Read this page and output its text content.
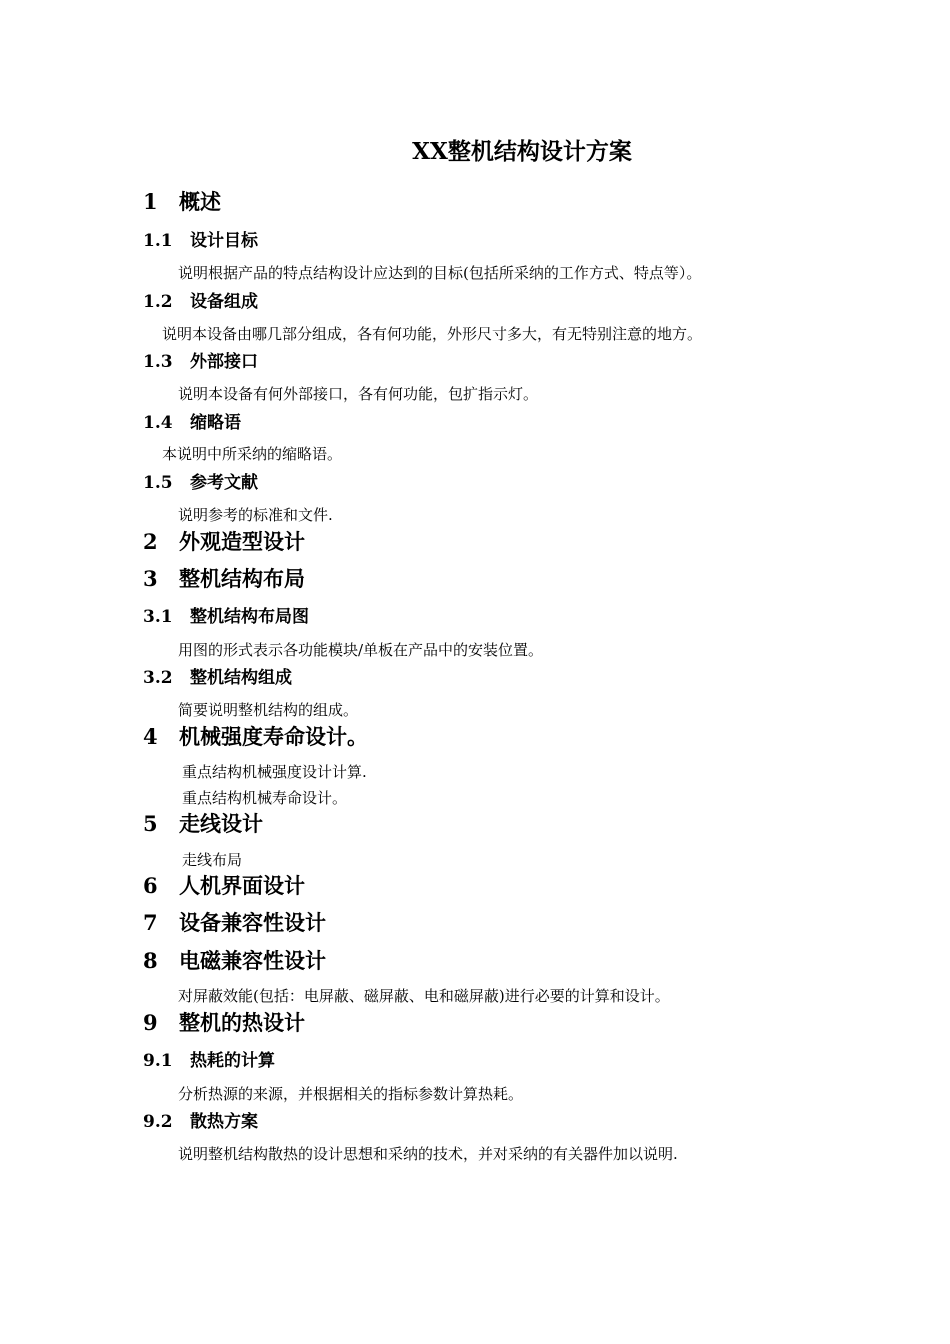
XX整机结构设计方案
1 概述
1.1 设计目标

说明根据产品的特点结构设计应达到的目标(包括所采纳的工作方式、特点等）。

1.2 设备组成

说明本设备由哪几部分组成，各有何功能，外形尺寸多大，有无特别注意的地方。

1.3 外部接口

说明本设备有何外部接口，各有何功能，包扩指示灯。

1.4 缩略语

本说明中所采纳的缩略语。

1.5 参考文献

说明参考的标准和文件.

2 外观造型设计
3 整机结构布局
3.1 整机结构布局图

用图的形式表示各功能模块/单板在产品中的安装位置。

3.2 整机结构组成

简要说明整机结构的组成。

4 机械强度寿命设计。

重点结构机械强度设计计算.

重点结构机械寿命设计。

5 走线设计

走线布局

6 人机界面设计
7 设备兼容性设计
8 电磁兼容性设计

对屏蔽效能(包括：电屏蔽、磁屏蔽、电和磁屏蔽)进行必要的计算和设计。

9 整机的热设计
9.1 热耗的计算

分析热源的来源，并根据相关的指标参数计算热耗。

9.2 散热方案

说明整机结构散热的设计思想和采纳的技术，并对采纳的有关器件加以说明.
